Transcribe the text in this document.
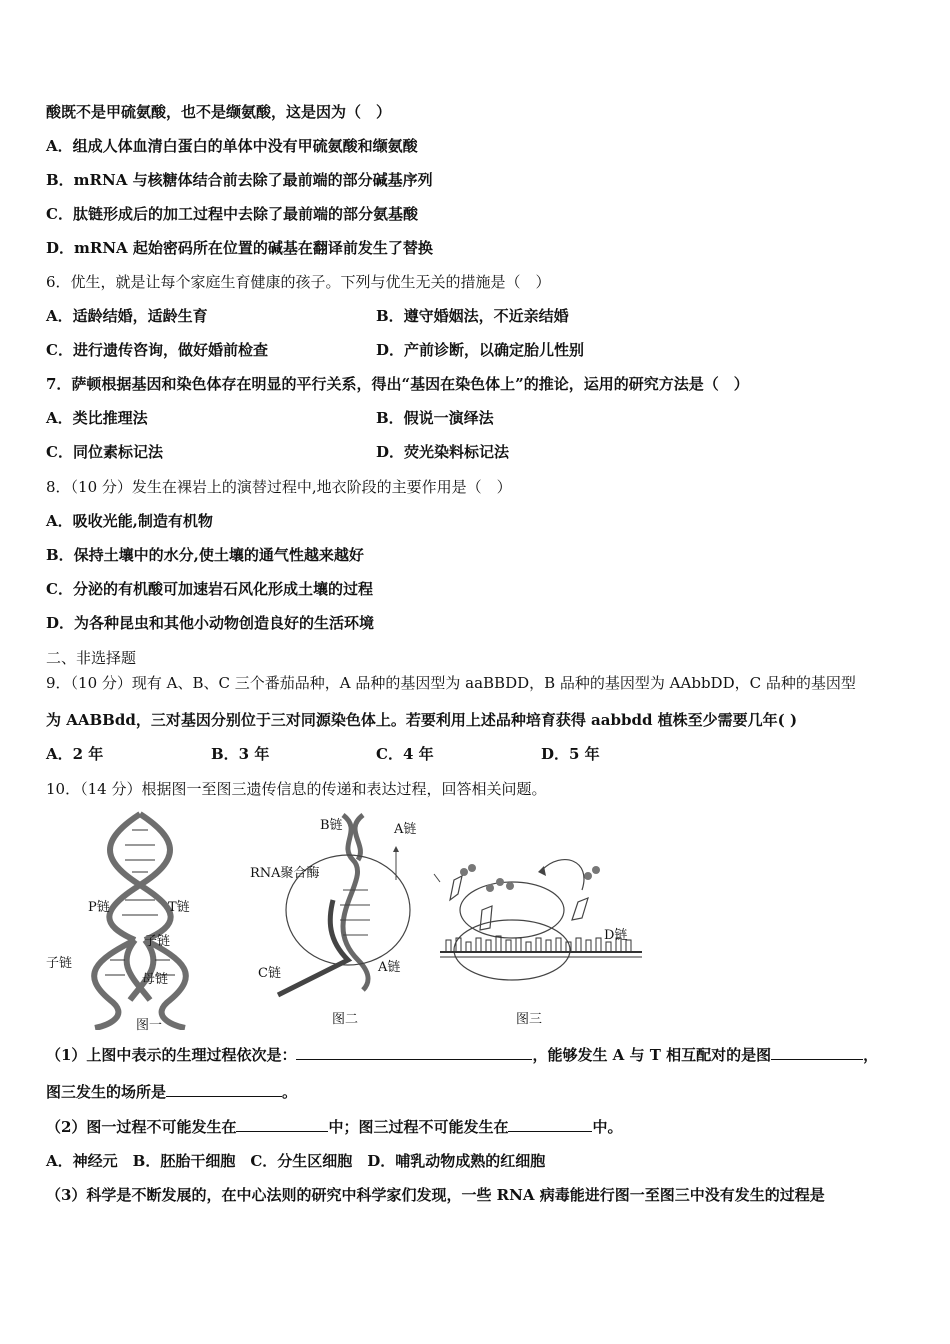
酸既不是甲硫氨酸，也不是缬氨酸，这是因为（　）
A．组成人体血清白蛋白的单体中没有甲硫氨酸和缬氨酸
B．mRNA 与核糖体结合前去除了最前端的部分碱基序列
C．肽链形成后的加工过程中去除了最前端的部分氨基酸
D．mRNA 起始密码所在位置的碱基在翻译前发生了替换
6．优生，就是让每个家庭生育健康的孩子。下列与优生无关的措施是（　）
A．适龄结婚，适龄生育	B．遵守婚姻法，不近亲结婚
C．进行遗传咨询，做好婚前检查	D．产前诊断，以确定胎儿性别
7．萨顿根据基因和染色体存在明显的平行关系，得出“基因在染色体上”的推论，运用的研究方法是（　）
A．类比推理法	B．假说一演绎法
C．同位素标记法	D．荧光染料标记法
8．（10 分）发生在裸岩上的演替过程中,地衣阶段的主要作用是（　）
A．吸收光能,制造有机物
B．保持土壤中的水分,使土壤的通气性越来越好
C．分泌的有机酸可加速岩石风化形成土壤的过程
D．为各种昆虫和其他小动物创造良好的生活环境
二、非选择题
9．（10 分）现有 A、B、C 三个番茄品种，A 品种的基因型为 aaBBDD，B 品种的基因型为 AAbbDD，C 品种的基因型
为 AABBdd，三对基因分别位于三对同源染色体上。若要利用上述品种培育获得 aabbdd 植株至少需要几年( )
A．2 年	B．3 年	C．4 年	D．5 年
10．（14 分）根据图一至图三遗传信息的传递和表达过程，回答相关问题。
P链	T链
子链
子链
母链
图一
B链	A链
RNA聚合酶
C链	A链
图二
D链
图三
（1）上图中表示的生理过程依次是：	，能够发生 A 与 T 相互配对的是图	，
图三发生的场所是	。
（2）图一过程不可能发生在	中；图三过程不可能发生在	中。
A．神经元　B．胚胎干细胞　C．分生区细胞　D．哺乳动物成熟的红细胞
（3）科学是不断发展的，在中心法则的研究中科学家们发现，一些 RNA 病毒能进行图一至图三中没有发生的过程是
